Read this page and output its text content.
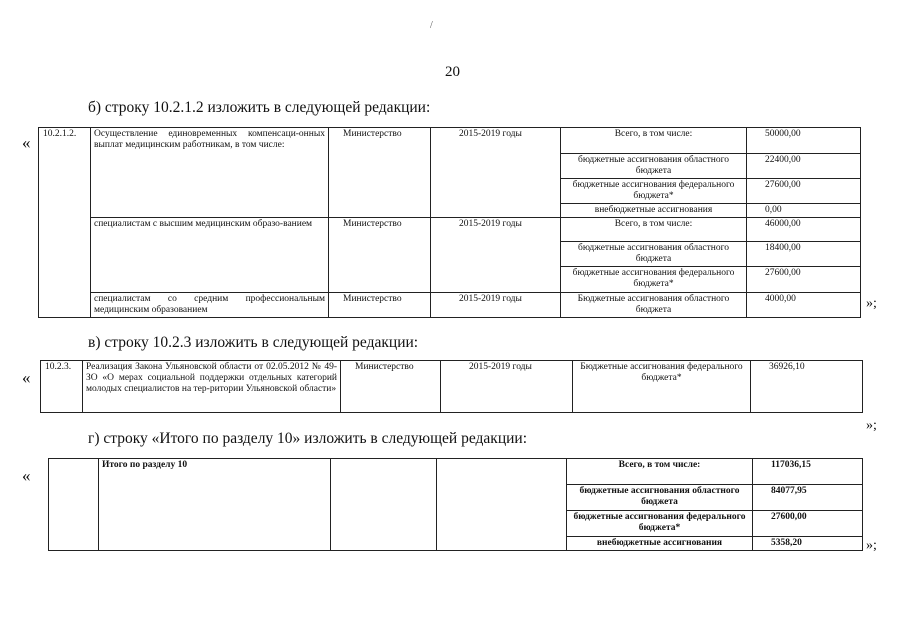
20
б) строку 10.2.1.2 изложить в следующей редакции:
« 10.2.1.2.	Осуществление единовременных компенсаци-онных выплат медицинским работникам, в том числе:	Министерство	2015-2019 годы	Всего, в том числе:	50000,00
				бюджетные ассигнования областного бюджета	22400,00
				бюджетные ассигнования федерального бюджета*	27600,00
				внебюджетные ассигнования	0,00
	специалистам с высшим медицинским образо-ванием	Министерство	2015-2019 годы	Всего, в том числе:	46000,00
				бюджетные ассигнования областного бюджета	18400,00
				бюджетные ассигнования федерального бюджета*	27600,00
	специалистам со средним профессиональным медицинским образованием	Министерство	2015-2019 годы	Бюджетные ассигнования областного бюджета	4000,00	»;
в) строку 10.2.3 изложить в следующей редакции:
«
10.2.3.	Реализация Закона Ульяновской области от 02.05.2012 № 49-ЗО «О мерах социальной поддержки отдельных категорий молодых специалистов на тер-ритории Ульяновской области»	Министерство	2015-2019 годы	Бюджетные ассигнования федерального бюджета*	36926,10
»;
г) строку «Итого по разделу 10» изложить в следующей редакции:
«
	Итого по разделу 10			Всего, в том числе:	117036,15
				бюджетные ассигнования областного бюджета	84077,95
				бюджетные ассигнования федерального бюджета*	27600,00
				внебюджетные ассигнования	5358,20	»;
/
